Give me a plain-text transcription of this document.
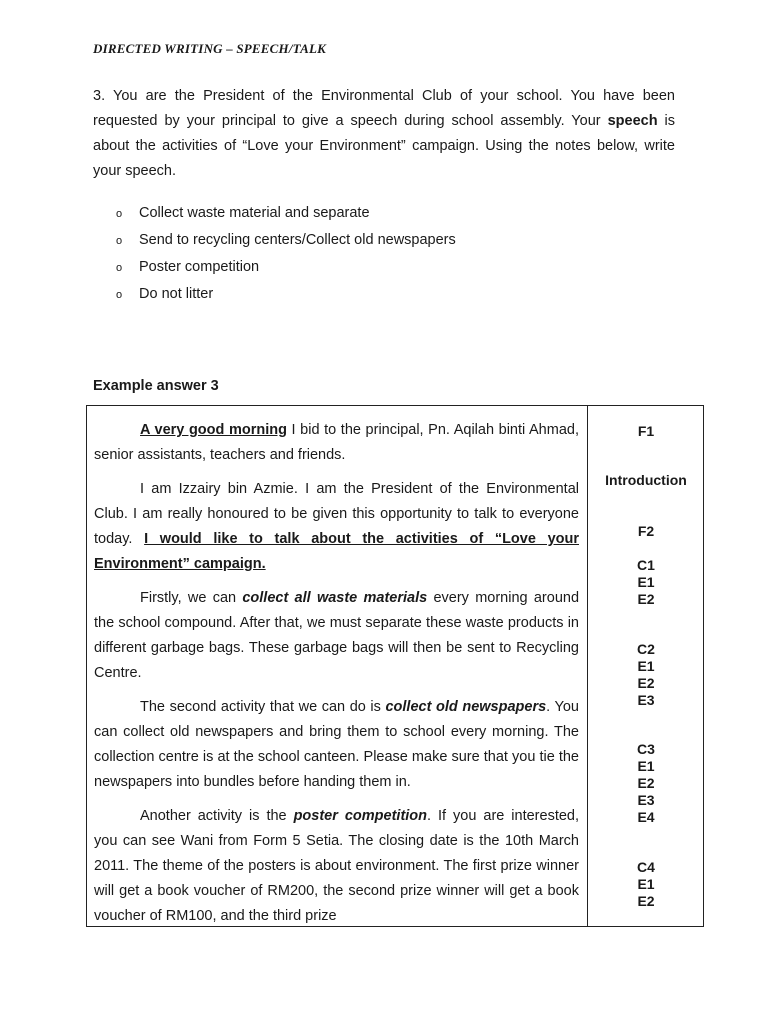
DIRECTED WRITING – SPEECH/TALK

3. You are the President of the Environmental Club of your school. You have been requested by your principal to give a speech during school assembly. Your speech is about the activities of “Love your Environment” campaign. Using the notes below, write your speech.

o Collect waste material and separate
o Send to recycling centers/Collect old newspapers
o Poster competition
o Do not litter
Example answer 3

A very good morning I bid to the principal, Pn. Aqilah binti Ahmad, senior assistants, teachers and friends.

I am Izzairy bin Azmie. I am the President of the Environmental Club. I am really honoured to be given this opportunity to talk to everyone today. I would like to talk about the activities of “Love your Environment” campaign.

Firstly, we can collect all waste materials every morning around the school compound. After that, we must separate these waste products in different garbage bags. These garbage bags will then be sent to Recycling Centre.

The second activity that we can do is collect old newspapers. You can collect old newspapers and bring them to school every morning. The collection centre is at the school canteen. Please make sure that you tie the newspapers into bundles before handing them in.

Another activity is the poster competition. If you are interested, you can see Wani from Form 5 Setia. The closing date is the 10th March 2011. The theme of the posters is about environment. The first prize winner will get a book voucher of RM200, the second prize winner will get a book voucher of RM100, and the third prize

F1
Introduction
F2
C1
E1
E2
C2
E1
E2
E3
C3
E1
E2
E3
E4
C4
E1
E2
